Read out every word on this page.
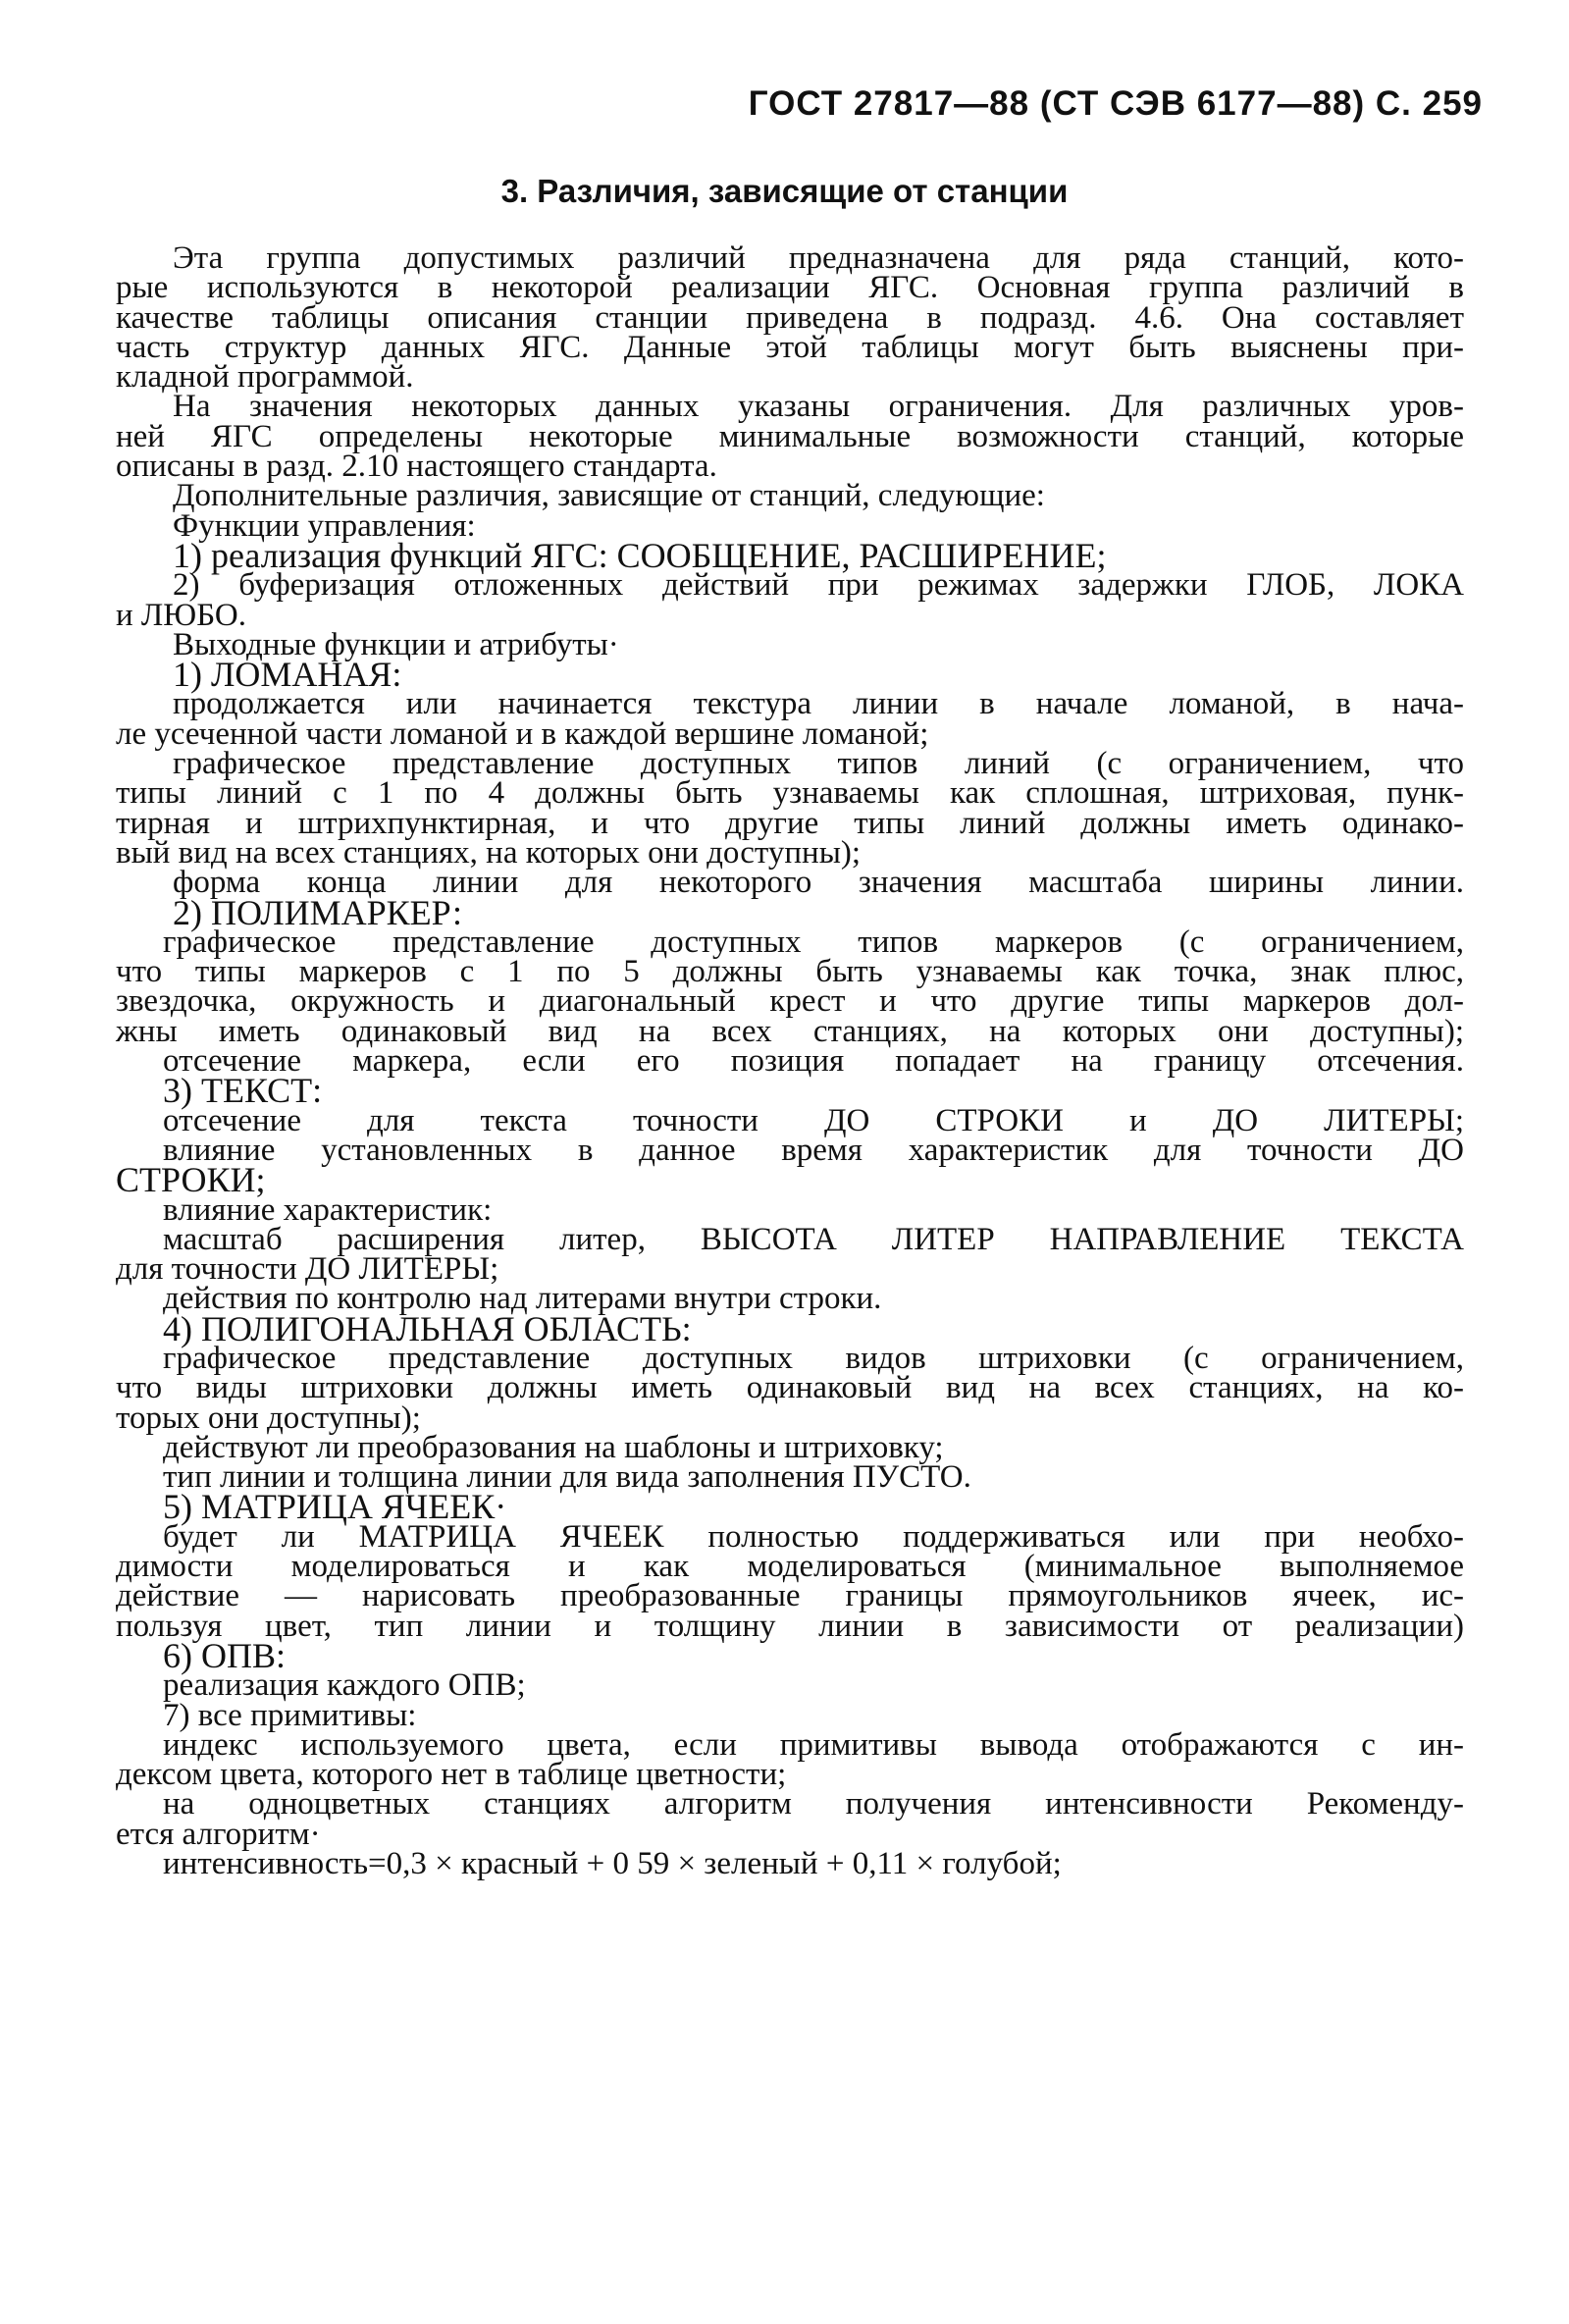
ГОСТ 27817—88 (СТ СЭВ 6177—88) С. 259
3. Различия, зависящие от станции
Эта группа допустимых различий предназначена для ряда станций, кото-
рые используются в некоторой реализации ЯГС. Основная группа различий в
качестве таблицы описания станции приведена в подразд. 4.6. Она составляет
часть структур данных ЯГС. Данные этой таблицы могут быть выяснены при-
кладной программой.
На значения некоторых данных указаны ограничения. Для различных уров-
ней ЯГС определены некоторые минимальные возможности станций, которые
описаны в разд. 2.10 настоящего стандарта.
Дополнительные различия, зависящие от станций, следующие:
Функции управления:
1) реализация функций ЯГС: СООБЩЕНИЕ, РАСШИРЕНИЕ;
2) буферизация отложенных действий при режимах задержки ГЛОБ, ЛОКА
и ЛЮБО.
Выходные функции и атрибуты·
1) ЛОМАНАЯ:
продолжается или начинается текстура линии в начале ломаной, в нача-
ле усеченной части ломаной и в каждой вершине ломаной;
графическое представление доступных типов линий (с ограничением, что
типы линий с 1 по 4 должны быть узнаваемы как сплошная, штриховая, пунк-
тирная и штрихпунктирная, и что другие типы линий должны иметь одинако-
вый вид на всех станциях, на которых они доступны);
форма конца линии для некоторого значения масштаба ширины линии.
2) ПОЛИМАРКЕР:
графическое представление доступных типов маркеров (с ограничением,
что типы маркеров с 1 по 5 должны быть узнаваемы как точка, знак плюс,
звездочка, окружность и диагональный крест и что другие типы маркеров дол-
жны иметь одинаковый вид на всех станциях, на которых они доступны);
отсечение маркера, если его позиция попадает на границу отсечения.
3) ТЕКСТ:
отсечение для текста точности ДО СТРОКИ и ДО ЛИТЕРЫ;
влияние установленных в данное время характеристик для точности ДО
СТРОКИ;
влияние характеристик:
масштаб расширения литер, ВЫСОТА ЛИТЕР НАПРАВЛЕНИЕ ТЕКСТА
для точности ДО ЛИТЕРЫ;
действия по контролю над литерами внутри строки.
4) ПОЛИГОНАЛЬНАЯ ОБЛАСТЬ:
графическое представление доступных видов штриховки (с ограничением,
что виды штриховки должны иметь одинаковый вид на всех станциях, на ко-
торых они доступны);
действуют ли преобразования на шаблоны и штриховку;
тип линии и толщина линии для вида заполнения ПУСТО.
5) МАТРИЦА ЯЧЕЕК·
будет ли МАТРИЦА ЯЧЕЕК полностью поддерживаться или при необхо-
димости моделироваться и как моделироваться (минимальное выполняемое
действие — нарисовать преобразованные границы прямоугольников ячеек, ис-
пользуя цвет, тип линии и толщину линии в зависимости от реализации)
6) ОПВ:
реализация каждого ОПВ;
7) все примитивы:
индекс используемого цвета, если примитивы вывода отображаются с ин-
дексом цвета, которого нет в таблице цветности;
на одноцветных станциях алгоритм получения интенсивности Рекоменду-
ется алгоритм·
интенсивность=0,3 × красный + 0 59 × зеленый + 0,11 × голубой;
